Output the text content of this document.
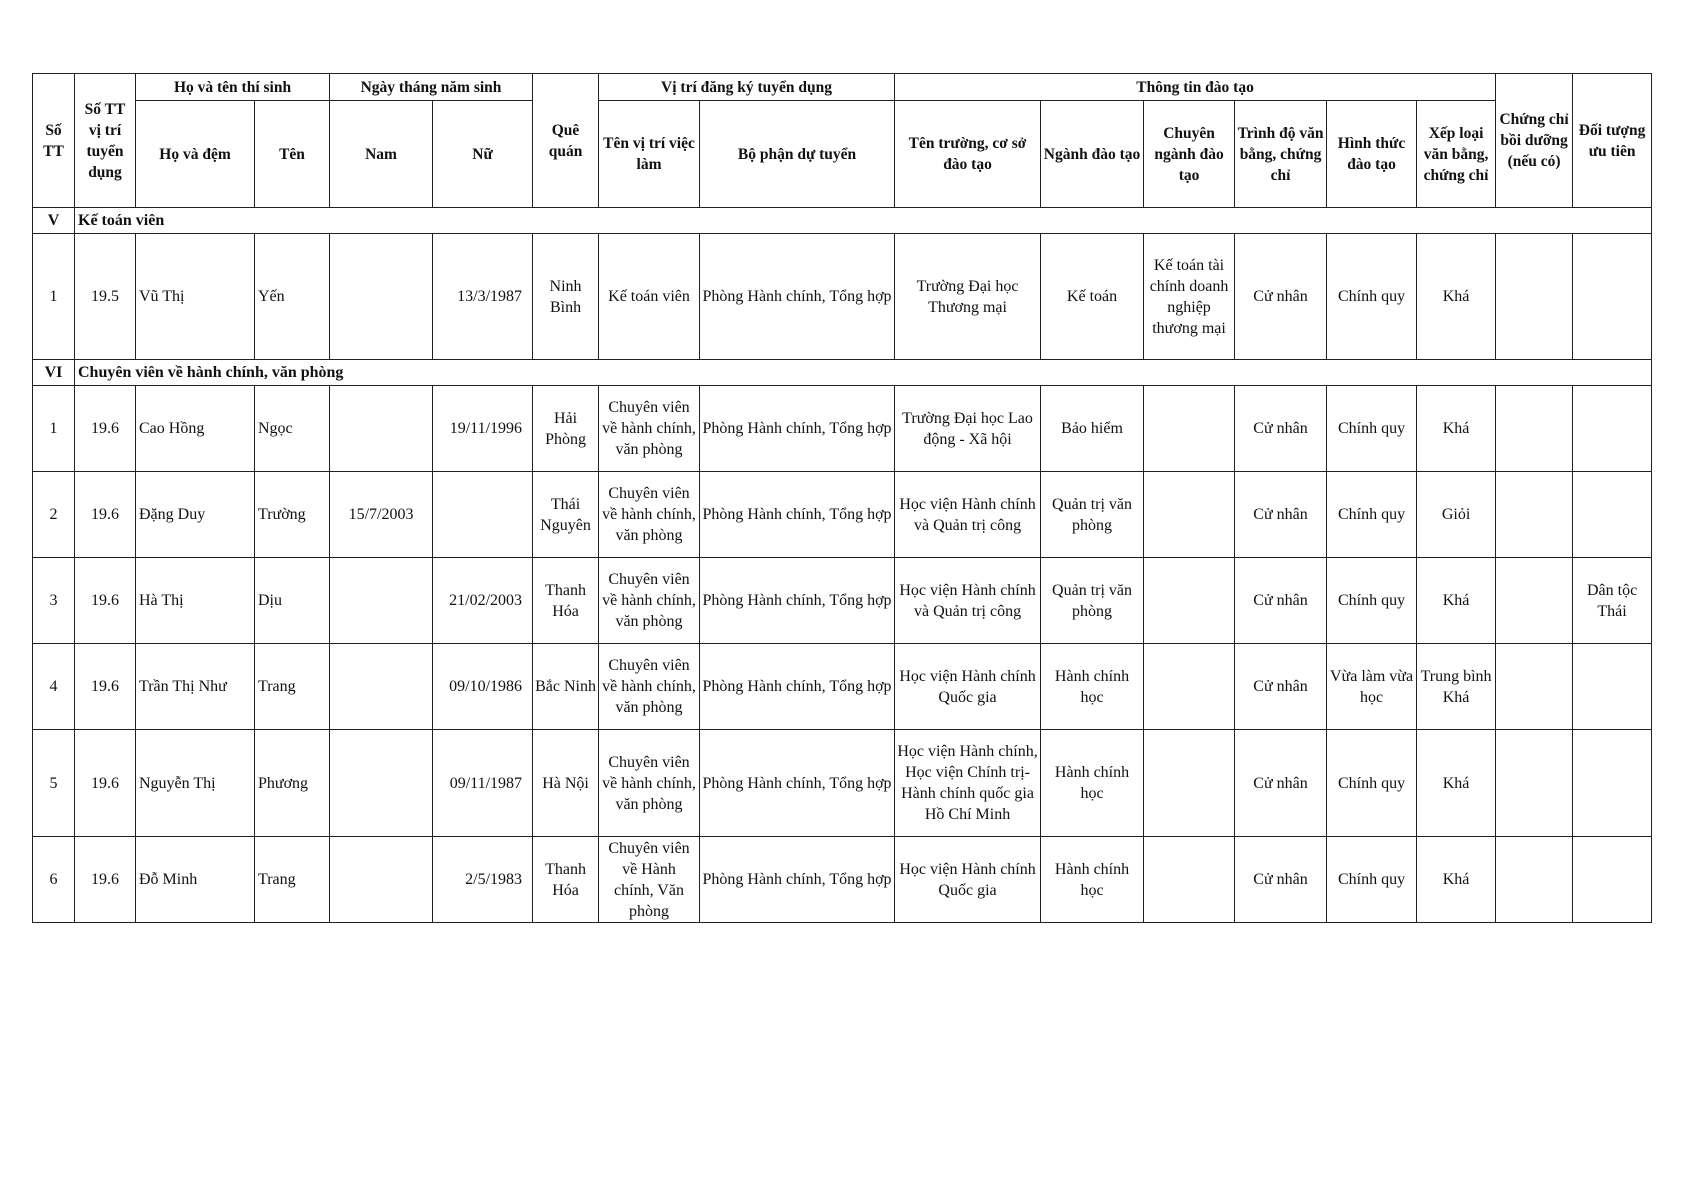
Số TT	Số TT vị trí tuyển dụng	Họ và tên thí sinh		Ngày tháng năm sinh		Quê quán	Vị trí đăng ký tuyển dụng		Thông tin đào tạo						Chứng chỉ bồi dưỡng (nếu có)	Đối tượng ưu tiên
		Họ và đệm	Tên	Nam	Nữ		Tên vị trí việc làm	Bộ phận dự tuyển	Tên trường, cơ sở đào tạo	Ngành đào tạo	Chuyên ngành đào tạo	Trình độ văn bằng, chứng chỉ	Hình thức đào tạo	Xếp loại văn bằng, chứng chỉ		
V	Kế toán viên															
1	19.5	Vũ Thị	Yến		13/3/1987	Ninh Bình	Kế toán viên	Phòng Hành chính, Tổng hợp	Trường Đại học Thương mại	Kế toán	Kế toán tài chính doanh nghiệp thương mại	Cử nhân	Chính quy	Khá		
VI	Chuyên viên về hành chính, văn phòng															
1	19.6	Cao Hồng	Ngọc		19/11/1996	Hải Phòng	Chuyên viên về hành chính, văn phòng	Phòng Hành chính, Tổng hợp	Trường Đại học Lao động - Xã hội	Bảo hiểm		Cử nhân	Chính quy	Khá		
2	19.6	Đặng Duy	Trường	15/7/2003		Thái Nguyên	Chuyên viên về hành chính, văn phòng	Phòng Hành chính, Tổng hợp	Học viện Hành chính và Quản trị công	Quản trị văn phòng		Cử nhân	Chính quy	Giỏi		
3	19.6	Hà Thị	Dịu		21/02/2003	Thanh Hóa	Chuyên viên về hành chính, văn phòng	Phòng Hành chính, Tổng hợp	Học viện Hành chính và Quản trị công	Quản trị văn phòng		Cử nhân	Chính quy	Khá		Dân tộc Thái
4	19.6	Trần Thị Như	Trang		09/10/1986	Bắc Ninh	Chuyên viên về hành chính, văn phòng	Phòng Hành chính, Tổng hợp	Học viện Hành chính Quốc gia	Hành chính học		Cử nhân	Vừa làm vừa học	Trung bình Khá		
5	19.6	Nguyễn Thị	Phương		09/11/1987	Hà Nội	Chuyên viên về hành chính, văn phòng	Phòng Hành chính, Tổng hợp	Học viện Hành chính, Học viện Chính trị-Hành chính quốc gia Hồ Chí Minh	Hành chính học		Cử nhân	Chính quy	Khá		
6	19.6	Đỗ Minh	Trang		2/5/1983	Thanh Hóa	Chuyên viên về Hành chính, Văn phòng	Phòng Hành chính, Tổng hợp	Học viện Hành chính Quốc gia	Hành chính học		Cử nhân	Chính quy	Khá		
